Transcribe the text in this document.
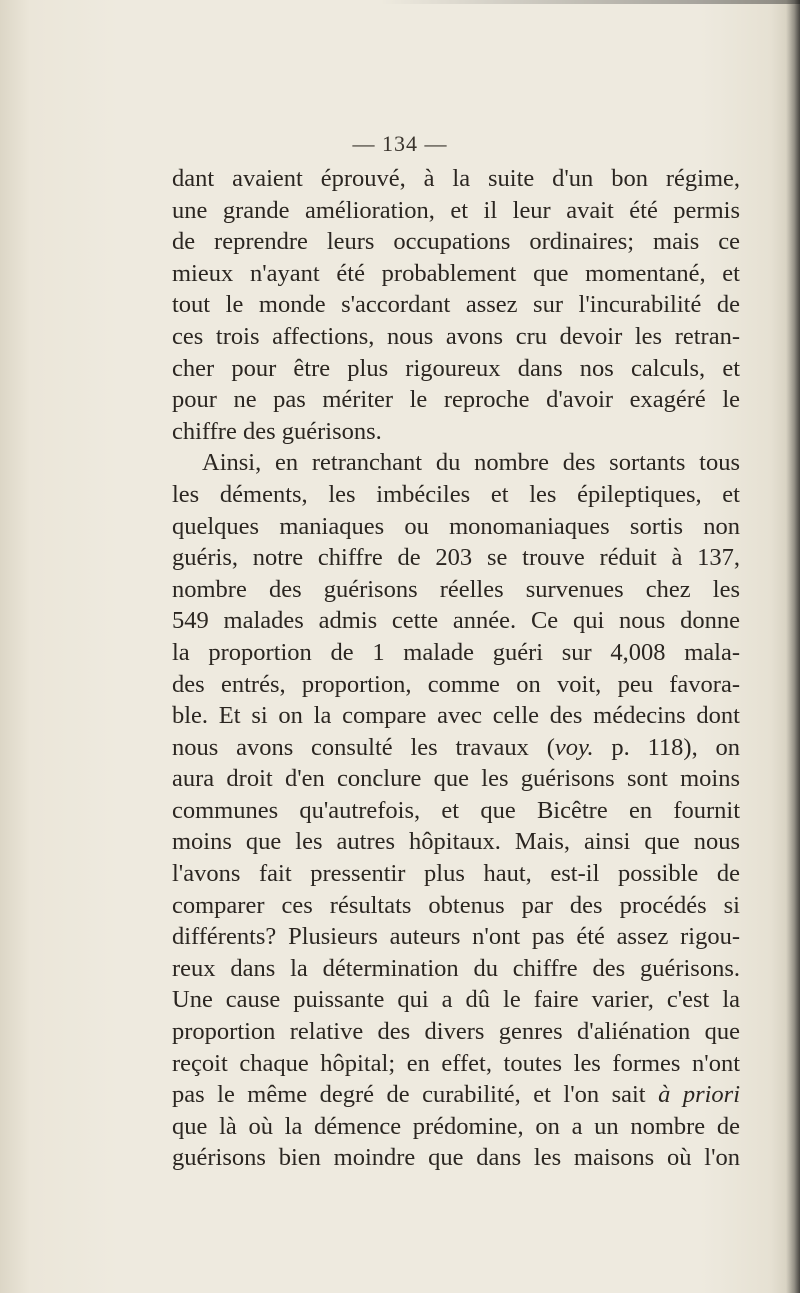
— 134 —
dant avaient éprouvé, à la suite d'un bon régime,
une grande amélioration, et il leur avait été permis
de reprendre leurs occupations ordinaires; mais ce
mieux n'ayant été probablement que momentané, et
tout le monde s'accordant assez sur l'incurabilité de
ces trois affections, nous avons cru devoir les retran-
cher pour être plus rigoureux dans nos calculs, et
pour ne pas mériter le reproche d'avoir exagéré le
chiffre des guérisons.
Ainsi, en retranchant du nombre des sortants tous
les déments, les imbéciles et les épileptiques, et
quelques maniaques ou monomaniaques sortis non
guéris, notre chiffre de 203 se trouve réduit à 137,
nombre des guérisons réelles survenues chez les
549 malades admis cette année. Ce qui nous donne
la proportion de 1 malade guéri sur 4,008 mala-
des entrés, proportion, comme on voit, peu favora-
ble. Et si on la compare avec celle des médecins dont
nous avons consulté les travaux (voy. p. 118), on
aura droit d'en conclure que les guérisons sont moins
communes qu'autrefois, et que Bicêtre en fournit
moins que les autres hôpitaux. Mais, ainsi que nous
l'avons fait pressentir plus haut, est-il possible de
comparer ces résultats obtenus par des procédés si
différents? Plusieurs auteurs n'ont pas été assez rigou-
reux dans la détermination du chiffre des guérisons.
Une cause puissante qui a dû le faire varier, c'est la
proportion relative des divers genres d'aliénation que
reçoit chaque hôpital; en effet, toutes les formes n'ont
pas le même degré de curabilité, et l'on sait à priori
que là où la démence prédomine, on a un nombre de
guérisons bien moindre que dans les maisons où l'on
